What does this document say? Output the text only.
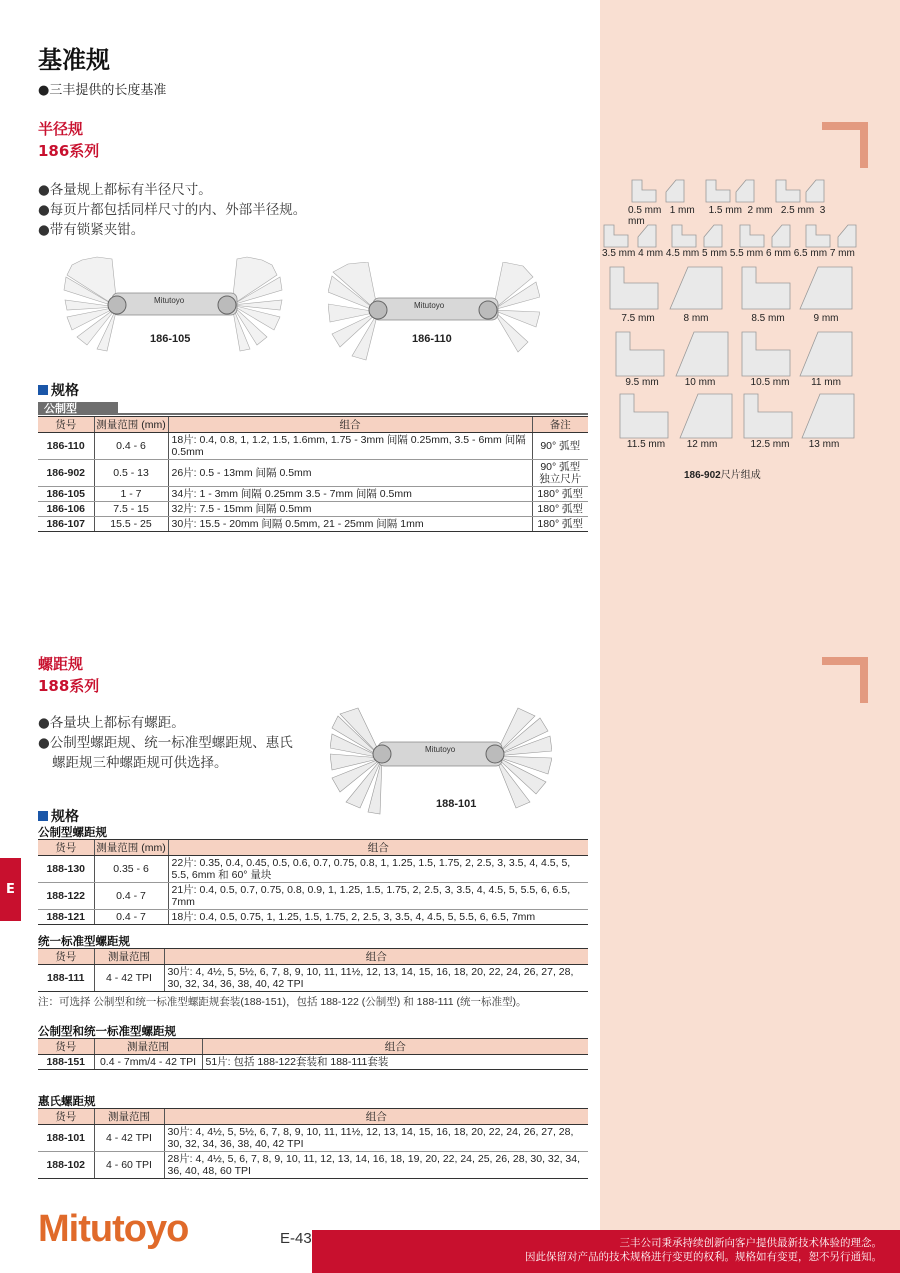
基准规
●三丰提供的长度基准
半径规
186系列
●各量规上都标有半径尺寸。
●每页片都包括同样尺寸的内、外部半径规。
●带有锁紧夹钳。
Mitutoyo
186-105
Mitutoyo
186-110
规格
公制型
货号	测量范围 (mm)	组合	备注
186-110	0.4 - 6	18片: 0.4, 0.8, 1, 1.2, 1.5, 1.6mm, 1.75 - 3mm 间隔 0.25mm, 3.5 - 6mm 间隔 0.5mm	90° 弧型
186-902	0.5 - 13	26片: 0.5 - 13mm 间隔 0.5mm	90° 弧型
独立尺片
186-105	1 - 7	34片: 1 - 3mm 间隔 0.25mm 3.5 - 7mm 间隔 0.5mm	180° 弧型
186-106	7.5 - 15	32片: 7.5 - 15mm 间隔 0.5mm	180° 弧型
186-107	15.5 - 25	30片: 15.5 - 20mm 间隔 0.5mm, 21 - 25mm 间隔 1mm	180° 弧型
0.5 mm 1 mm 1.5 mm 2 mm 2.5 mm 3 mm
3.5 mm 4 mm 4.5 mm 5 mm 5.5 mm 6 mm 6.5 mm 7 mm
7.5 mm	8 mm	8.5 mm	9 mm
9.5 mm	10 mm	10.5 mm	11 mm
11.5 mm	12 mm	12.5 mm	13 mm
186-902尺片组成
螺距规
188系列
●各量块上都标有螺距。
●公制型螺距规、统一标准型螺距规、惠氏
螺距规三种螺距规可供选择。
Mitutoyo
188-101
规格
公制型螺距规
货号	测量范围 (mm)	组合
188-130	0.35 - 6	22片: 0.35, 0.4, 0.45, 0.5, 0.6, 0.7, 0.75, 0.8, 1, 1.25, 1.5, 1.75, 2, 2.5, 3, 3.5, 4, 4.5, 5, 5.5, 6mm 和 60° 量块
188-122	0.4 - 7	21片: 0.4, 0.5, 0.7, 0.75, 0.8, 0.9, 1, 1.25, 1.5, 1.75, 2, 2.5, 3, 3.5, 4, 4.5, 5, 5.5, 6, 6.5, 7mm
188-121	0.4 - 7	18片: 0.4, 0.5, 0.75, 1, 1.25, 1.5, 1.75, 2, 2.5, 3, 3.5, 4, 4.5, 5, 5.5, 6, 6.5, 7mm
统一标准型螺距规
货号	测量范围	组合
188-111	4 - 42 TPI	30片: 4, 4½, 5, 5½, 6, 7, 8, 9, 10, 11, 11½, 12, 13, 14, 15, 16, 18, 20, 22, 24, 26, 27, 28, 30, 32, 34, 36, 38, 40, 42 TPI
注：可选择 公制型和统一标准型螺距规套装(188-151)，包括 188-122 (公制型) 和 188-111 (统一标准型)。
公制型和统一标准型螺距规
货号	测量范围	组合
188-151	0.4 - 7mm/4 - 42 TPI	51片: 包括 188-122套装和 188-111套装
惠氏螺距规
货号	测量范围	组合
188-101	4 - 42 TPI	30片: 4, 4½, 5, 5½, 6, 7, 8, 9, 10, 11, 11½, 12, 13, 14, 15, 16, 18, 20, 22, 24, 26, 27, 28, 30, 32, 34, 36, 38, 40, 42 TPI
188-102	4 - 60 TPI	28片: 4, 4½, 5, 6, 7, 8, 9, 10, 11, 12, 13, 14, 16, 18, 19, 20, 22, 24, 25, 26, 28, 30, 32, 34, 36, 40, 48, 60 TPI
E
Mitutoyo	E-43	三丰公司秉承持续创新向客户提供最新技术体验的理念。
因此保留对产品的技术规格进行变更的权利。规格如有变更，恕不另行通知。
